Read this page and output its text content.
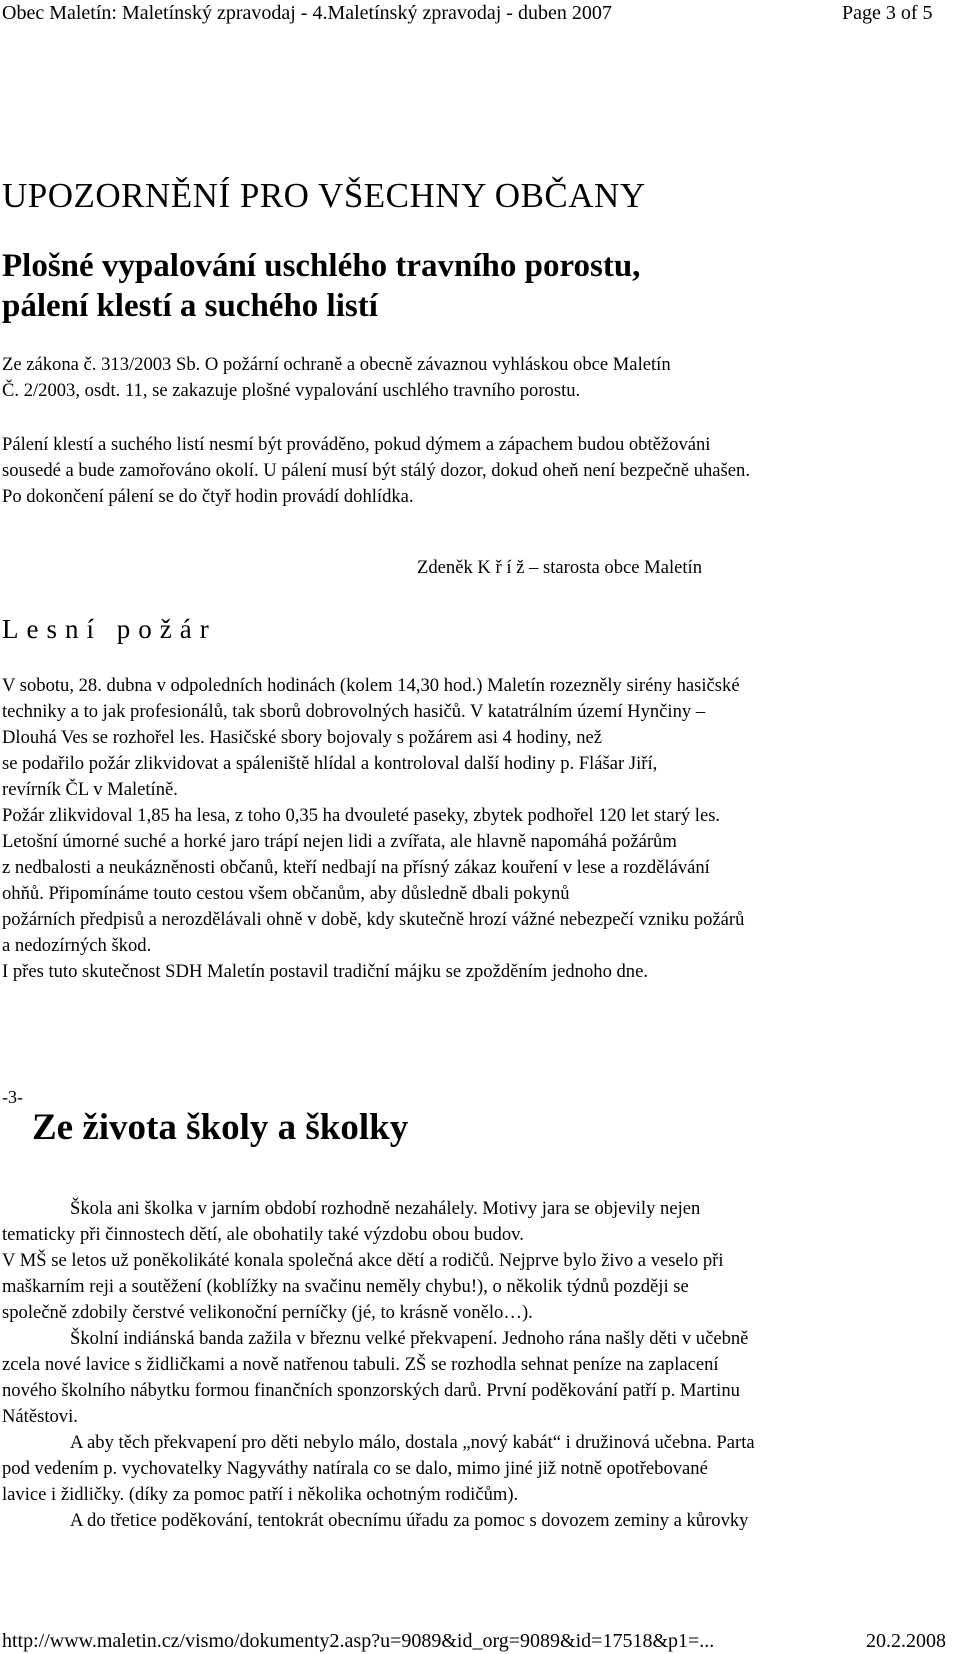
Obec Maletín: Maletínský zpravodaj - 4.Maletínský zpravodaj - duben 2007	Page 3 of 5
UPOZORNĚNÍ PRO VŠECHNY OBČANY
Plošné vypalování uschlého travního porostu,
pálení klestí a suchého listí
Ze zákona č. 313/2003 Sb. O požární ochraně a obecně závaznou vyhláskou obce Maletín
Č. 2/2003, osdt. 11, se zakazuje plošné vypalování uschlého travního porostu.
Pálení klestí a suchého listí nesmí být prováděno, pokud dýmem a zápachem budou obtěžováni
sousedé a bude zamořováno okolí. U pálení musí být stálý dozor, dokud oheň není bezpečně uhašen.
Po dokončení pálení se do čtyř hodin provádí dohlídka.
Zdeněk K ř í ž – starosta obce Maletín
Lesní požár
V sobotu, 28. dubna v odpoledních hodinách (kolem 14,30 hod.) Maletín rozezněly sirény hasičské
techniky a to jak profesionálů, tak sborů dobrovolných hasičů. V katatrálním území Hynčiny –
Dlouhá Ves se rozhořel les. Hasičské sbory bojovaly s požárem asi 4 hodiny, než
se podařilo požár zlikvidovat a spáleniště hlídal a kontroloval další hodiny p. Flášar Jiří,
revírník ČL v Maletíně.
Požár zlikvidoval 1,85 ha lesa, z toho 0,35 ha dvouleté paseky, zbytek podhořel 120 let starý les.
Letošní úmorné suché a horké jaro trápí nejen lidi a zvířata, ale hlavně napomáhá požárům
z nedbalosti a neukázněnosti občanů, kteří nedbají na přísný zákaz kouření v lese a rozdělávání
ohňů. Připomínáme touto cestou všem občanům, aby důsledně dbali pokynů
požárních předpisů a nerozdělávali ohně v době, kdy skutečně hrozí vážné nebezpečí vzniku požárů
a nedozírných škod.
I přes tuto skutečnost SDH Maletín postavil tradiční májku se zpožděním jednoho dne.
-3-
Ze života školy a školky
Škola ani školka v jarním období rozhodně nezahálely. Motivy jara se objevily nejen
tematicky při činnostech dětí, ale obohatily také výzdobu obou budov.
V MŠ se letos už poněkolikáté konala společná akce dětí a rodičů. Nejprve bylo živo a veselo při
maškarním reji a soutěžení (koblížky na svačinu neměly chybu!), o několik týdnů později se
společně zdobily čerstvé velikonoční perníčky (jé, to krásně vonělo…).
Školní indiánská banda zažila v březnu velké překvapení. Jednoho rána našly děti v učebně
zcela nové lavice s židličkami a nově natřenou tabuli. ZŠ se rozhodla sehnat peníze na zaplacení
nového školního nábytku formou finančních sponzorských darů. První poděkování patří p. Martinu
Nátěstovi.
A aby těch překvapení pro děti nebylo málo, dostala „nový kabát“ i družinová učebna. Parta
pod vedením p. vychovatelky Nagyváthy natírala co se dalo, mimo jiné již notně opotřebované
lavice i židličky. (díky za pomoc patří i několika ochotným rodičům).
A do třetice poděkování, tentokrát obecnímu úřadu za pomoc s dovozem zeminy a kůrovky
http://www.maletin.cz/vismo/dokumenty2.asp?u=9089&id_org=9089&id=17518&p1=...	20.2.2008
